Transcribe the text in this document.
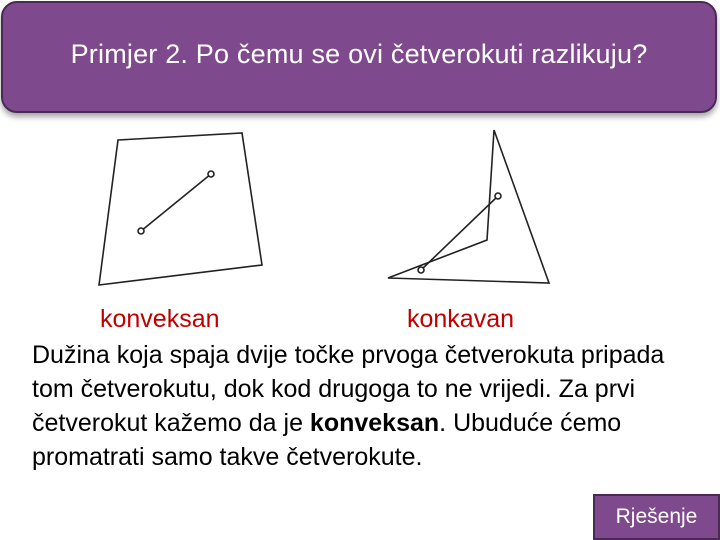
Primjer 2. Po čemu se ovi četverokuti razlikuju?
konveksan	konkavan
Dužina koja spaja dvije točke prvoga četverokuta pripada tom četverokutu, dok kod drugoga to ne vrijedi. Za prvi četverokut kažemo da je konveksan. Ubuduće ćemo promatrati samo takve četverokute.
Rješenje
